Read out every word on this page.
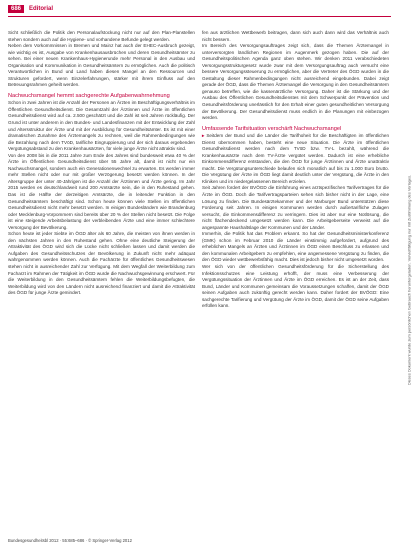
686	Editorial

Sicht schließlich die Politik den Personalaufstockung nicht nur auf den Plan-Planstellen stehen sondern auch auf die Hygiene- und vorhandene Befunde gelegt werden.

Neben dem Vorkommnissen in Bremen und Mainz hat auch der EHEC-Ausbruch gezeigt, wie wichtig es ist, Ausgabe von Krankenhausausbrüchen und deren Gesundheitsämter zu sehen. Bei einer neuen Krankenhaus-Hygienerunde mehr Personal in den Ausbau und Organisation und Kommunikation in Gesundheitsämtern zu ermöglichen. Auch die politisch Verantwortlichen in Bund und Land haben diesen Mangel an den Ressourcen und Strukturen gefordert, wenn Einzelerfahrungen, stärker mit ihrem Einfluss auf den Betreuungsrahmen geheilt werden.

Nachwuchsmangel hemmt sachgerechte Aufgabenwahrnehmung

Schon in zwei Jahren ist die Anzahl der Personen an Ärzten im Beschäftigungsverhältnis im Öffentlichen Gesundheitsdienst. Die Gesamtzahl der Ärztinnen und Ärzte im öffentlichen Gesundheitsdienst wird auf ca. 2.500 geschätzt und die Zahl ist seit Jahren rückläufig. Der Grund ist unter anderem in den Bundes- und Landesfinanzen mit der Entwicklung der Zahl und Altersstruktur der Ärzte und mit der Ausbildung für Gesundheitsämter. Es ist mit einer dramatischen Zunahme des Ärztemangels zu rechnen, weil die Rahmenbedingungen wie die Bezahlung nach dem TVöD, tarifliche Eingruppierung und der sich daraus ergebenden Vergütungsabstand zu den Krankenhausärzten, für viele junge Ärzte nicht attraktiv sind.

Von den 2008 bis in die 2011 Jahre zum Ende des Jahres sind bundesweit etwa 40 % der Ärzte im Öffentlichen Gesundheitsdienst über 55 Jahre alt, damit ist nicht nur ein Nachwuchsmangel, sondern auch ein Generationenwechsel zu erwarten. Es werden immer mehr Stellen nicht oder nur mit großer Verzögerung besetzt werden können. In der Altersgruppe der unter 40-Jährigen ist die Anzahl der Ärztinnen und Ärzte gering. Im Jahr 2015 werden es deutschlandweit rund 200 Amtsärzte sein, die in den Ruhestand gehen. Das ist die Hälfte der derzeitigen Amtsärzte, die in leitender Funktion in den Gesundheitsämtern beschäftigt sind. Schon heute können viele Stellen im öffentlichen Gesundheitsdienst nicht mehr besetzt werden. In einigen Bundesländern wie Brandenburg oder Mecklenburg-Vorpommern sind bereits über 20 % der Stellen nicht besetzt. Die Folge ist eine steigende Arbeitsbelastung der verbleibenden Ärzte und eine immer schlechtere Versorgung der Bevölkerung.

Schon heute ist jeder Siebte im ÖGD älter als 60 Jahre, die meisten von ihnen werden in den nächsten Jahren in den Ruhestand gehen. Ohne eine deutliche Steigerung der Attraktivität des ÖGD wird sich die Lücke nicht schließen lassen und damit werden die Aufgaben des Gesundheitsschutzes der Bevölkerung in Zukunft nicht mehr adäquat wahrgenommen werden können. Auch die Fachärzte für öffentliches Gesundheitswesen stehen nicht in ausreichender Zahl zur Verfügung. Mit dem Wegfall der Weiterbildung zum Facharzt im Rahmen der Tätigkeit im ÖGD wurde die Nachwuchsgewinnung erschwert. Für die Weiterbildung in den Gesundheitsämtern fehlen die Weiterbildungsbefugten, die Weiterbildung wird von den Ländern nicht ausreichend finanziert und damit die Attraktivität des ÖGD für junge Ärzte gemindert.

fen aus ärztlichen Wettbewerb beitragen, dann sich auch dann wird das Verhältnis auch nicht bessern.

Im Bereich des Versorgungsauftrages zeigt sich, dass die Themen Ärztemangel in unterversorgten ländlichen Regionen im Augenmerk gezogen haben. Die auf der Gesundheitspolitischen Agenda ganz oben stehen. Wir denken 2011 verabschiedeten Versorgungsstrukturgesetz wurde zwar mit dem Versorgungsauftrag auch versucht eine bessere Versorgungssteuerung zu ermöglichen, aber die Vertreter des ÖGD wurden in die Gestaltung dieser Rahmenbedingungen nicht ausreichend eingebunden. Dabei zeigt gerade der ÖGD, dass die Themen Ärztemangel die Versorgung in den Gesundheitsämtern genauso betreffen, wie die kassenärztliche Versorgung. Daher ist die Stärkung und der Ausbau des Öffentlichen Gesundheitsdienstes mit dem Schwerpunkt der Prävention und Gesundheitsförderung unerlässlich für den Erhalt einer guten gesundheitlichen Versorgung der Bevölkerung. Der Gesundheitsdienst muss endlich in die Planungen mit einbezogen werden.

Umfassende Tarifsituation verschärft Nachwuchsmangel

▸ Seitdem der Bund und die Länder die Tarifhoheit für die Beschäftigten im öffentlichen Dienst übernommen haben, besteht eine neue Situation. Die Ärzte im öffentlichen Gesundheitsdienst werden nach dem TVöD bzw. TV-L bezahlt, während die Krankenhausärzte nach dem TV-Ärzte vergütet werden. Dadurch ist eine erhebliche Einkommensdifferenz entstanden, die den ÖGD für junge Ärztinnen und Ärzte unattraktiv macht. Die Vergütungsunterschiede belaufen sich monatlich auf bis zu 1.000 Euro brutto. Die Vergütung der Ärzte im ÖGD liegt damit deutlich unter der Vergütung, die Ärzte in den Kliniken und im niedergelassenen Bereich erzielen.

Seit Jahren fordert der BVÖGD die Einführung eines arztspezifischen Tarifvertrages für die Ärzte im ÖGD. Doch die Tarifvertragsparteien sehen sich bisher nicht in der Lage, eine Lösung zu finden. Die Bundesärztekammer und der Marburger Bund unterstützen diese Forderung seit Jahren. In einigen Kommunen werden durch außertarifliche Zulagen versucht, die Einkommensdifferenz zu verringern. Dies ist aber nur eine Notlösung, die nicht flächendeckend umgesetzt werden kann. Die Arbeitgeberseite verweist auf die angespannte Haushaltslage der Kommunen und der Länder.

Immerhin, die Politik hat das Problem erkannt. So hat der Gesundheitsministerkonferenz (GMK) schon im Februar 2010 die Länder einstimmig aufgefordert, aufgrund des erheblichen Mangels an Ärzten und Ärztinnen im ÖGD einen Beschluss zu erlassen und den kommunalen Arbeitgebern zu empfehlen, eine angemessene Vergütung zu finden, die den ÖGD wieder wettbewerbsfähig macht. Dies ist jedoch bisher nicht umgesetzt worden.

Wer sich von der öffentlichen Gesundheitsförderung für die Sicherstellung des Infektionsschutzes eine Leistung erhofft, der muss eine Verbesserung der Vergütungssituation der Ärztinnen und Ärzte im ÖGD erreichen. Es ist an der Zeit, dass Bund, Länder und Kommunen gemeinsam die Voraussetzungen schaffen, damit der ÖGD seinen Aufgaben auch zukünftig gerecht werden kann. Daher fordert der BVÖGD: Eine sachgerechte Tarifierung und Vergütung der Ärzte im ÖGD, damit der ÖGD seine Aufgaben erfüllen kann.

Bundesgesundheitsbl 2012 · 55:685–686 · © Springer-Verlag 2012
Dieses Dokument wurde zum persönlichen Gebrauch heruntergeladen. Vervielfältigung nur mit Zustimmung des Verlages.
